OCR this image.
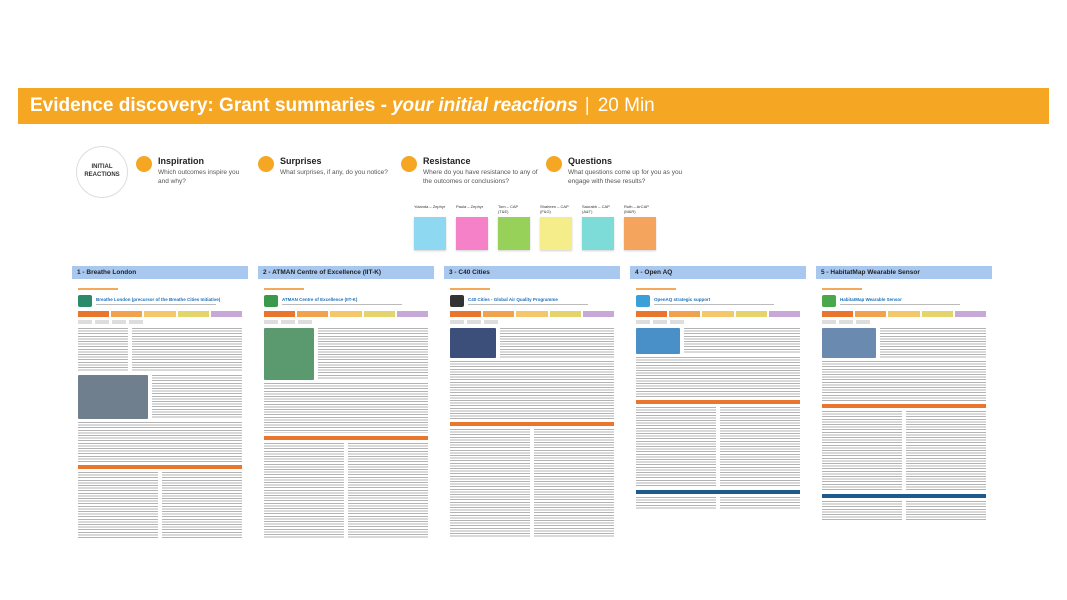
Evidence discovery: Grant summaries - your initial reactions | 20 Min
INITIAL
REACTIONS
Inspiration
Which outcomes inspire you
and why?
Surprises
What surprises, if any, do you notice?
Resistance
Where do you have resistance to any of
the outcomes or conclusions?
Questions
What questions come up for you as you
engage with these results?
Yolanda – Zephyr	Paula – Zephyr	Tom – CAP
(T&E)
Shaheen – CAP
(F&G)
Saurabh – CAP
(A&T)
Ruth – ArCAP
(M&R)
1 - Breathe London	2 - ATMAN Centre of Excellence (IIT-K)	3 - C40 Cities	4 - Open AQ	5 - HabitatMap Wearable Sensor
Breathe London (precursor of the Breathe Cities Initiative)	ATMAN Centre of Excellence (IIT-K)	C40 Cities - Global Air Quality Programme	OpenAQ strategic support	HabitatMap Wearable Sensor
